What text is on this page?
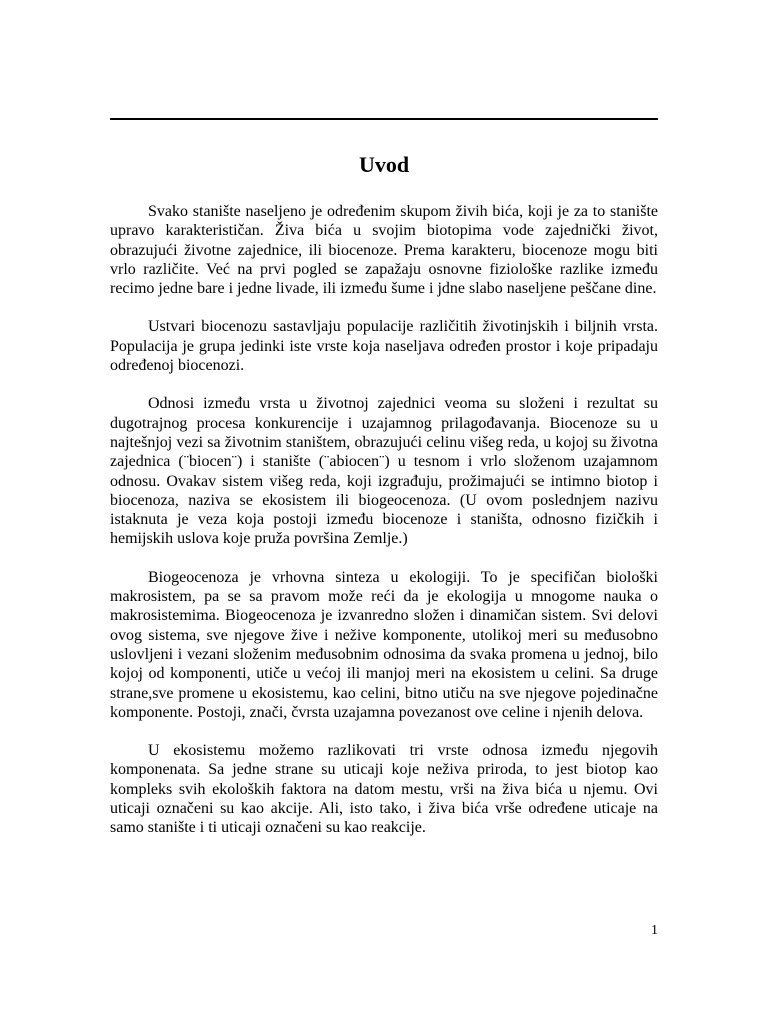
Uvod

Svako stanište naseljeno je određenim skupom živih bića, koji je za to stanište upravo karakterističan. Živa bića u svojim biotopima vode zajednički život, obrazujući životne zajednice, ili biocenoze. Prema karakteru, biocenoze mogu biti vrlo različite. Već na prvi pogled se zapažaju osnovne fiziološke razlike između recimo jedne bare i jedne livade, ili između šume i jdne slabo naseljene peščane dine.

Ustvari biocenozu sastavljaju populacije različitih životinjskih i biljnih vrsta. Populacija je grupa jedinki iste vrste koja naseljava određen prostor i koje pripadaju određenoj biocenozi.

Odnosi između vrsta u životnoj zajednici veoma su složeni i rezultat su dugotrajnog procesa konkurencije i uzajamnog prilagođavanja. Biocenoze su u najtešnjoj vezi sa životnim staništem, obrazujući celinu višeg reda, u kojoj su životna zajednica (¨biocen¨) i stanište (¨abiocen¨) u tesnom i vrlo složenom uzajamnom odnosu. Ovakav sistem višeg reda, koji izgrađuju, prožimajući se intimno biotop i biocenoza, naziva se ekosistem ili biogeocenoza. (U ovom poslednjem nazivu istaknuta je veza koja postoji između biocenoze i staništa, odnosno fizičkih i hemijskih uslova koje pruža površina Zemlje.)

Biogeocenoza je vrhovna sinteza u ekologiji. To je specifičan biološki makrosistem, pa se sa pravom može reći da je ekologija u mnogome nauka o makrosistemima. Biogeocenoza je izvanredno složen i dinamičan sistem. Svi delovi ovog sistema, sve njegove žive i nežive komponente, utolikoj meri su međusobno uslovljeni i vezani složenim međusobnim odnosima da svaka promena u jednoj, bilo kojoj od komponenti, utiče u većoj ili manjoj meri na ekosistem u celini. Sa druge strane,sve promene u ekosistemu, kao celini, bitno utiču na sve njegove pojedinačne komponente. Postoji, znači, čvrsta uzajamna povezanost ove celine i njenih delova.

U ekosistemu možemo razlikovati tri vrste odnosa između njegovih komponenata. Sa jedne strane su uticaji koje neživa priroda, to jest biotop kao kompleks svih ekoloških faktora na datom mestu, vrši na živa bića u njemu. Ovi uticaji označeni su kao akcije. Ali, isto tako, i živa bića vrše određene uticaje na samo stanište i ti uticaji označeni su kao reakcije.

1
